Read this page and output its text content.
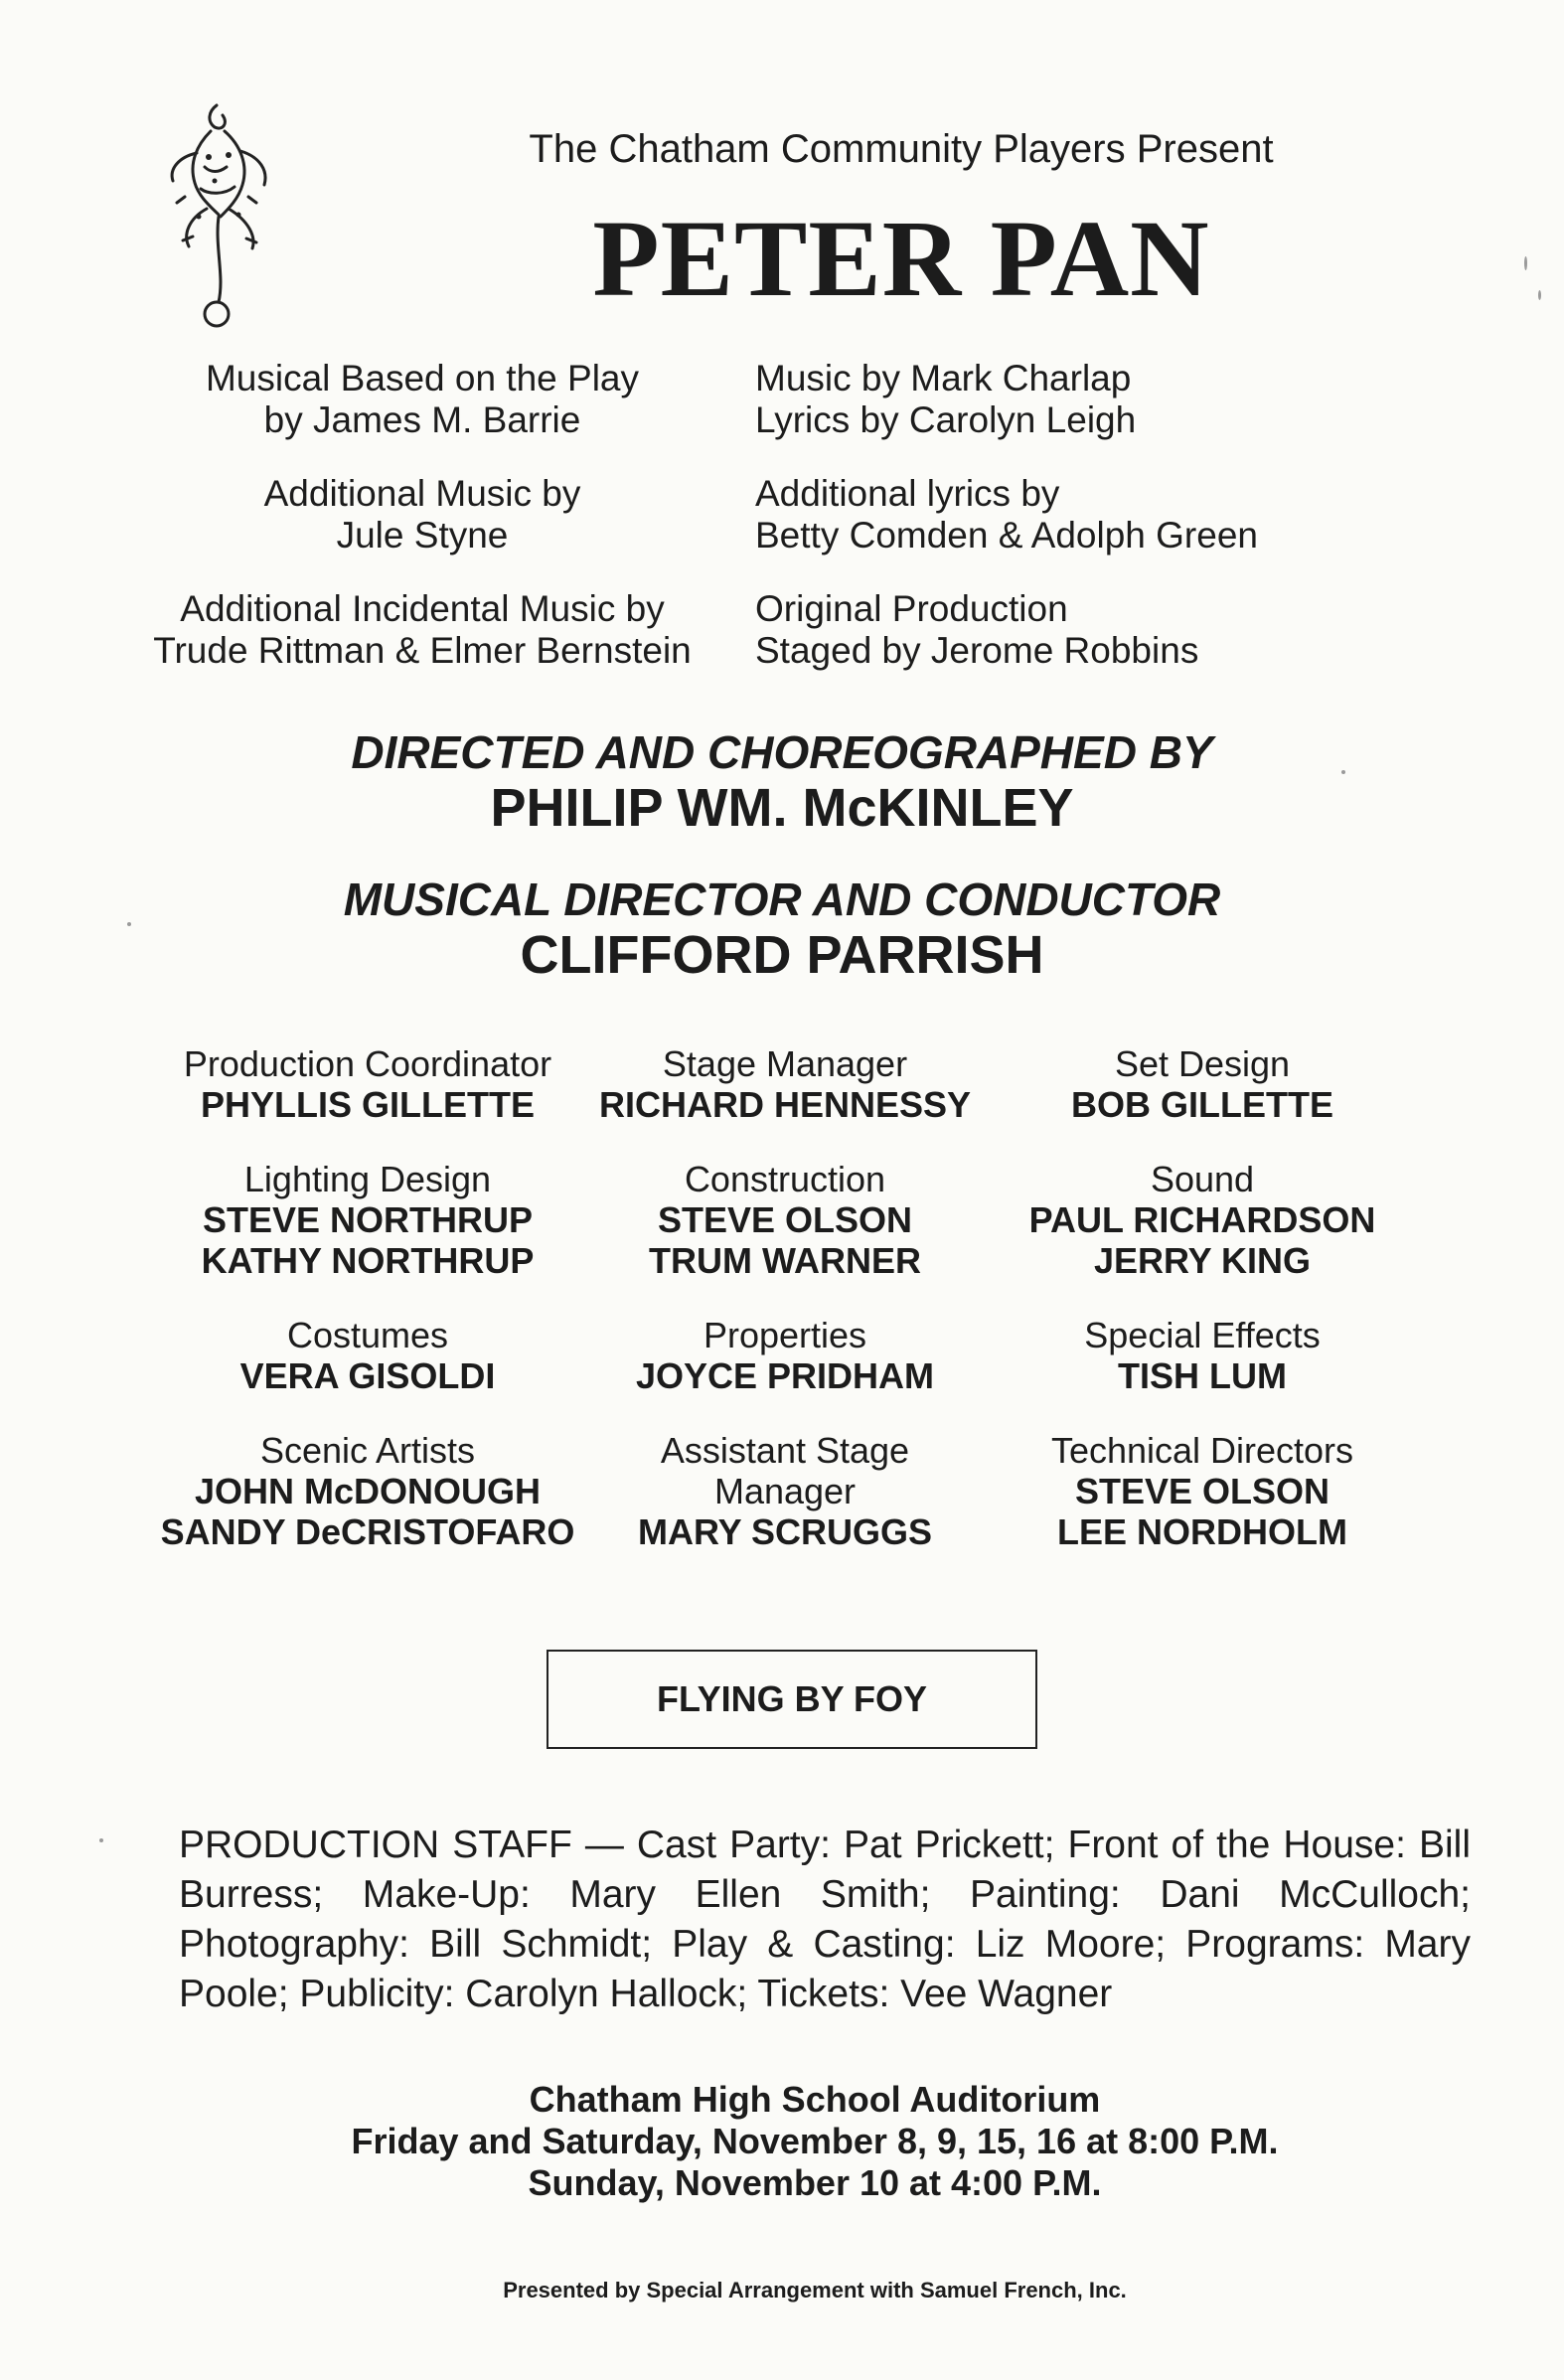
The Chatham Community Players Present
PETER PAN
Musical Based on the Play
by James M. Barrie
Music by Mark Charlap
Lyrics by Carolyn Leigh
Additional Music by
Jule Styne
Additional lyrics by
Betty Comden & Adolph Green
Additional Incidental Music by
Trude Rittman & Elmer Bernstein
Original Production
Staged by Jerome Robbins
DIRECTED AND CHOREOGRAPHED BY
PHILIP WM. McKINLEY
MUSICAL DIRECTOR AND CONDUCTOR
CLIFFORD PARRISH
Production Coordinator
PHYLLIS GILLETTE
Stage Manager
RICHARD HENNESSY
Set Design
BOB GILLETTE
Lighting Design
STEVE NORTHRUP
KATHY NORTHRUP
Construction
STEVE OLSON
TRUM WARNER
Sound
PAUL RICHARDSON
JERRY KING
Costumes
VERA GISOLDI
Properties
JOYCE PRIDHAM
Special Effects
TISH LUM
Scenic Artists
JOHN McDONOUGH
SANDY DeCRISTOFARO
Assistant Stage
Manager
MARY SCRUGGS
Technical Directors
STEVE OLSON
LEE NORDHOLM
FLYING BY FOY
PRODUCTION STAFF — Cast Party: Pat Prickett; Front of the House: Bill Burress; Make-Up: Mary Ellen Smith; Painting: Dani McCulloch; Photography: Bill Schmidt; Play & Casting: Liz Moore; Programs: Mary Poole; Publicity: Carolyn Hallock; Tickets: Vee Wagner
Chatham High School Auditorium
Friday and Saturday, November 8, 9, 15, 16 at 8:00 P.M.
Sunday, November 10 at 4:00 P.M.
Presented by Special Arrangement with Samuel French, Inc.
